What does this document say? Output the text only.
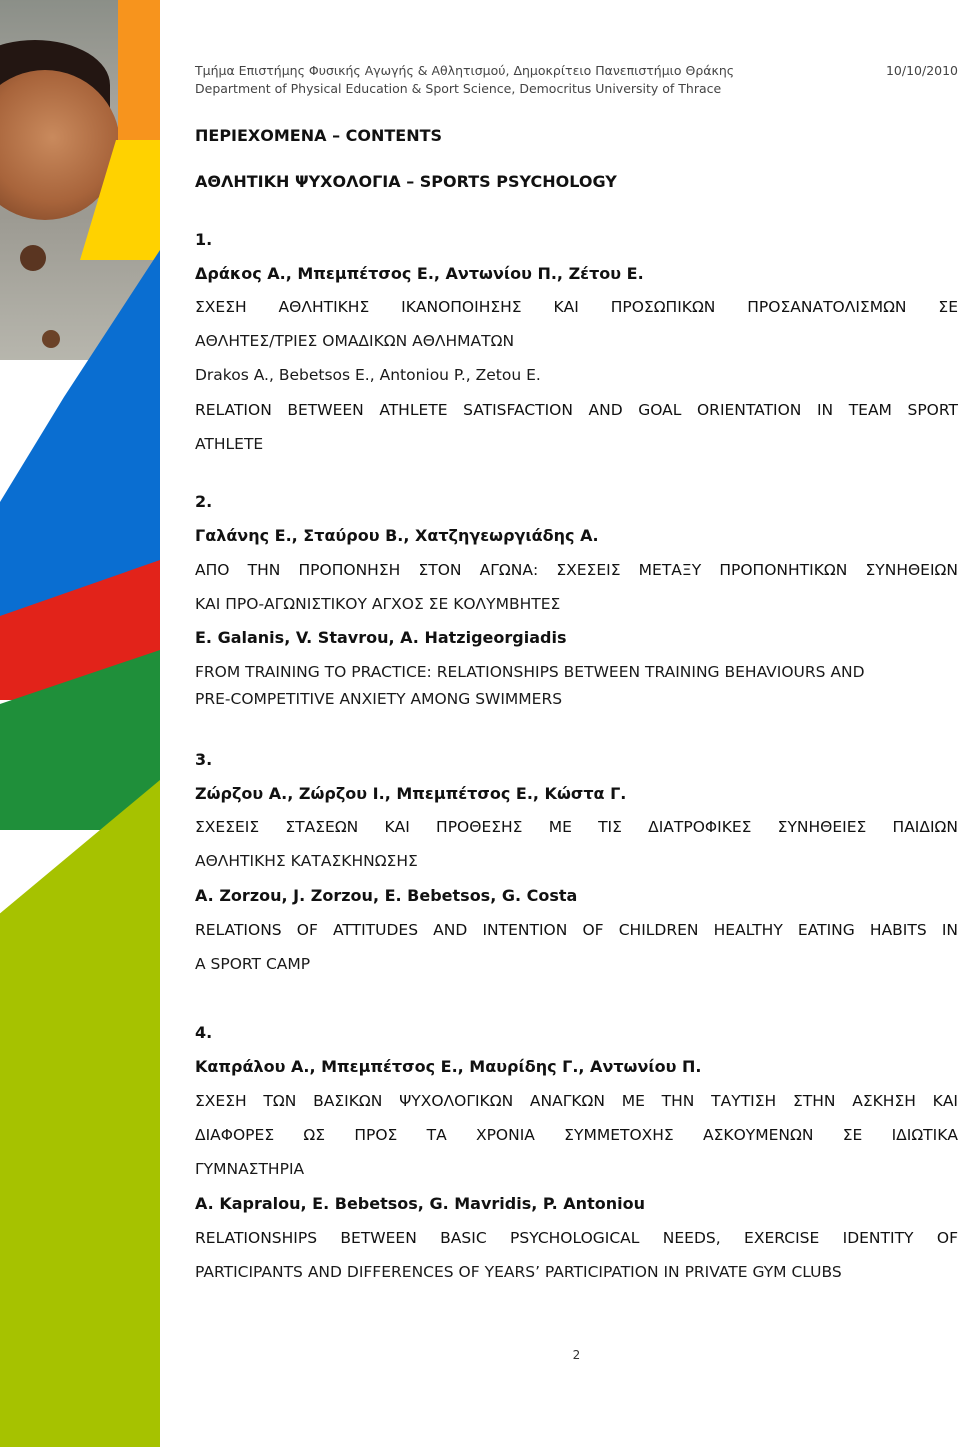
Τμήμα Επιστήμης Φυσικής Αγωγής & Αθλητισμού, Δημοκρίτειο Πανεπιστήμιο Θράκης
Department of Physical Education & Sport Science, Democritus University of Thrace
10/10/2010
ΠΕΡΙΕΧΟΜΕΝΑ – CONTENTS
ΑΘΛΗΤΙΚΗ ΨΥΧΟΛΟΓΙΑ – SPORTS PSYCHOLOGY
1.
Δράκος Α., Μπεμπέτσος Ε., Αντωνίου Π., Ζέτου Ε.
ΣΧΕΣΗ ΑΘΛΗΤΙΚΗΣ ΙΚΑΝΟΠΟΙΗΣΗΣ ΚΑΙ ΠΡΟΣΩΠΙΚΩΝ ΠΡΟΣΑΝΑΤΟΛΙΣΜΩΝ ΣΕ
ΑΘΛΗΤΕΣ/ΤΡΙΕΣ ΟΜΑΔΙΚΩΝ ΑΘΛΗΜΑΤΩΝ
Drakos A., Bebetsos E., Antoniou P., Zetou E.
RELATION BETWEEN ATHLETE SATISFACTION AND GOAL ORIENTATION IN TEAM SPORT
ATHLETE
2.
Γαλάνης Ε., Σταύρου Β., Χατζηγεωργιάδης Α.
ΑΠΟ ΤΗΝ ΠΡΟΠΟΝΗΣΗ ΣΤΟΝ ΑΓΩΝΑ: ΣΧΕΣΕΙΣ ΜΕΤΑΞΥ ΠΡΟΠΟΝΗΤΙΚΩΝ ΣΥΝΗΘΕΙΩΝ
ΚΑΙ ΠΡΟ-ΑΓΩΝΙΣΤΙΚΟΥ ΑΓΧΟΣ ΣΕ ΚΟΛΥΜΒΗΤΕΣ
E. Galanis, V. Stavrou, A. Hatzigeorgiadis
FROM TRAINING TO PRACTICE: RELATIONSHIPS BETWEEN TRAINING BEHAVIOURS AND
PRE-COMPETITIVE ANXIETY AMONG SWIMMERS
3.
Ζώρζου Α., Ζώρζου Ι., Μπεμπέτσος Ε., Κώστα Γ.
ΣΧΕΣΕΙΣ ΣΤΑΣΕΩΝ ΚΑΙ ΠΡΟΘΕΣΗΣ ΜΕ ΤΙΣ ΔΙΑΤΡΟΦΙΚΕΣ ΣΥΝΗΘΕΙΕΣ ΠΑΙΔΙΩΝ
ΑΘΛΗΤΙΚΗΣ ΚΑΤΑΣΚΗΝΩΣΗΣ
A. Zorzou, J. Zorzou, E. Bebetsos, G. Costa
RELATIONS OF ATTITUDES AND INTENTION OF CHILDREN HEALTHY EATING HABITS IN
A SPORT CAMP
4.
Καπράλου Α., Μπεμπέτσος Ε., Μαυρίδης Γ., Αντωνίου Π.
ΣΧΕΣΗ ΤΩΝ ΒΑΣΙΚΩΝ ΨΥΧΟΛΟΓΙΚΩΝ ΑΝΑΓΚΩΝ ΜΕ ΤΗΝ ΤΑΥΤΙΣΗ ΣΤΗΝ ΑΣΚΗΣΗ ΚΑΙ
ΔΙΑΦΟΡΕΣ ΩΣ ΠΡΟΣ ΤΑ ΧΡΟΝΙΑ ΣΥΜΜΕΤΟΧΗΣ ΑΣΚΟΥΜΕΝΩΝ ΣΕ ΙΔΙΩΤΙΚΑ
ΓΥΜΝΑΣΤΗΡΙΑ
A. Kapralou, E. Bebetsos, G. Mavridis, P. Antoniou
RELATIONSHIPS BETWEEN BASIC PSYCHOLOGICAL NEEDS, EXERCISE IDENTITY OF
PARTICIPANTS AND DIFFERENCES OF YEARS’ PARTICIPATION IN PRIVATE GYM CLUBS
2
